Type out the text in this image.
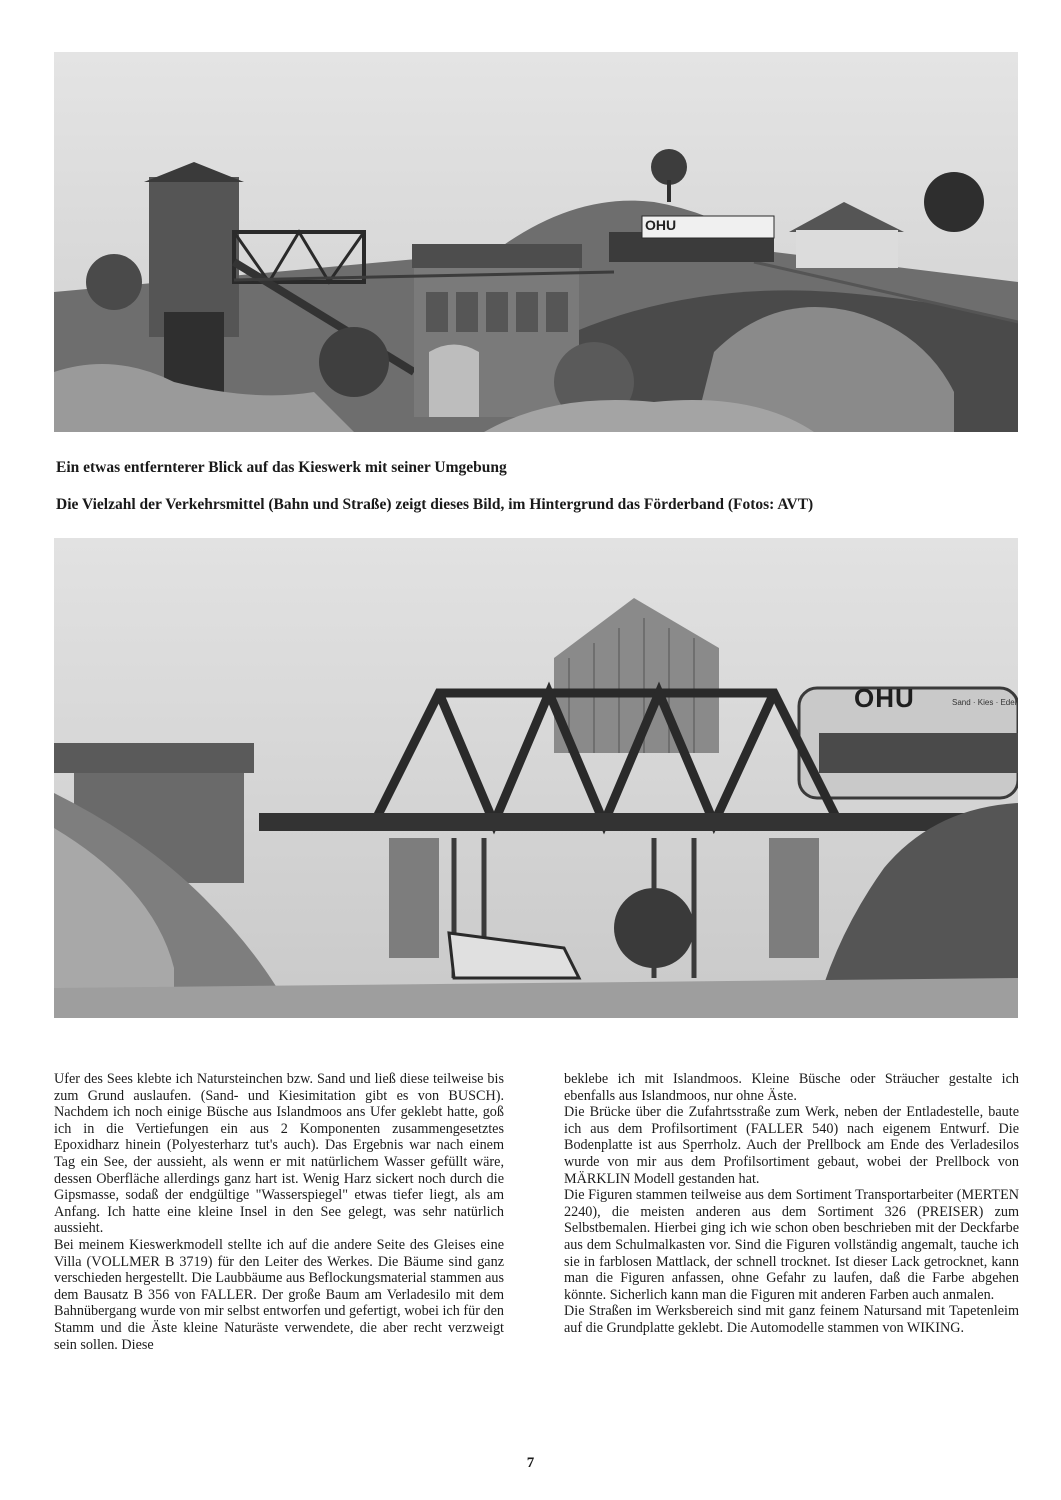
OHU
Ein etwas entfernterer Blick auf das Kieswerk mit seiner Umgebung
Die Vielzahl der Verkehrsmittel (Bahn und Straße) zeigt dieses Bild, im Hintergrund das Förderband (Fotos: AVT)
OHU	Sand · Kies · Edel

Ufer des Sees klebte ich Natursteinchen bzw. Sand und ließ diese teilweise bis zum Grund auslaufen. (Sand- und Kiesimitation gibt es von BUSCH). Nachdem ich noch einige Büsche aus Islandmoos ans Ufer geklebt hatte, goß ich in die Vertiefungen ein aus 2 Komponenten zusammengesetztes Epoxidharz hinein (Polyesterharz tut's auch). Das Ergebnis war nach einem Tag ein See, der aussieht, als wenn er mit natürlichem Wasser gefüllt wäre, dessen Oberfläche allerdings ganz hart ist. Wenig Harz sickert noch durch die Gipsmasse, sodaß der endgültige "Wasserspiegel" etwas tiefer liegt, als am Anfang. Ich hatte eine kleine Insel in den See gelegt, was sehr natürlich aussieht.

Bei meinem Kieswerkmodell stellte ich auf die andere Seite des Gleises eine Villa (VOLLMER B 3719) für den Leiter des Werkes. Die Bäume sind ganz verschieden hergestellt. Die Laubbäume aus Beflockungsmaterial stammen aus dem Bausatz B 356 von FALLER. Der große Baum am Verladesilo mit dem Bahnübergang wurde von mir selbst entworfen und gefertigt, wobei ich für den Stamm und die Äste kleine Naturäste verwendete, die aber recht verzweigt sein sollen. Diese

beklebe ich mit Islandmoos. Kleine Büsche oder Sträucher gestalte ich ebenfalls aus Islandmoos, nur ohne Äste.

Die Brücke über die Zufahrtsstraße zum Werk, neben der Entladestelle, baute ich aus dem Profilsortiment (FALLER 540) nach eigenem Entwurf. Die Bodenplatte ist aus Sperrholz. Auch der Prellbock am Ende des Verladesilos wurde von mir aus dem Profilsortiment gebaut, wobei der Prellbock von MÄRKLIN Modell gestanden hat.

Die Figuren stammen teilweise aus dem Sortiment Transportarbeiter (MERTEN 2240), die meisten anderen aus dem Sortiment 326 (PREISER) zum Selbstbemalen. Hierbei ging ich wie schon oben beschrieben mit der Deckfarbe aus dem Schulmalkasten vor. Sind die Figuren vollständig angemalt, tauche ich sie in farblosen Mattlack, der schnell trocknet. Ist dieser Lack getrocknet, kann man die Figuren anfassen, ohne Gefahr zu laufen, daß die Farbe abgehen könnte. Sicherlich kann man die Figuren mit anderen Farben auch anmalen.

Die Straßen im Werksbereich sind mit ganz feinem Natursand mit Tapetenleim auf die Grundplatte geklebt. Die Automodelle stammen von WIKING.

7
